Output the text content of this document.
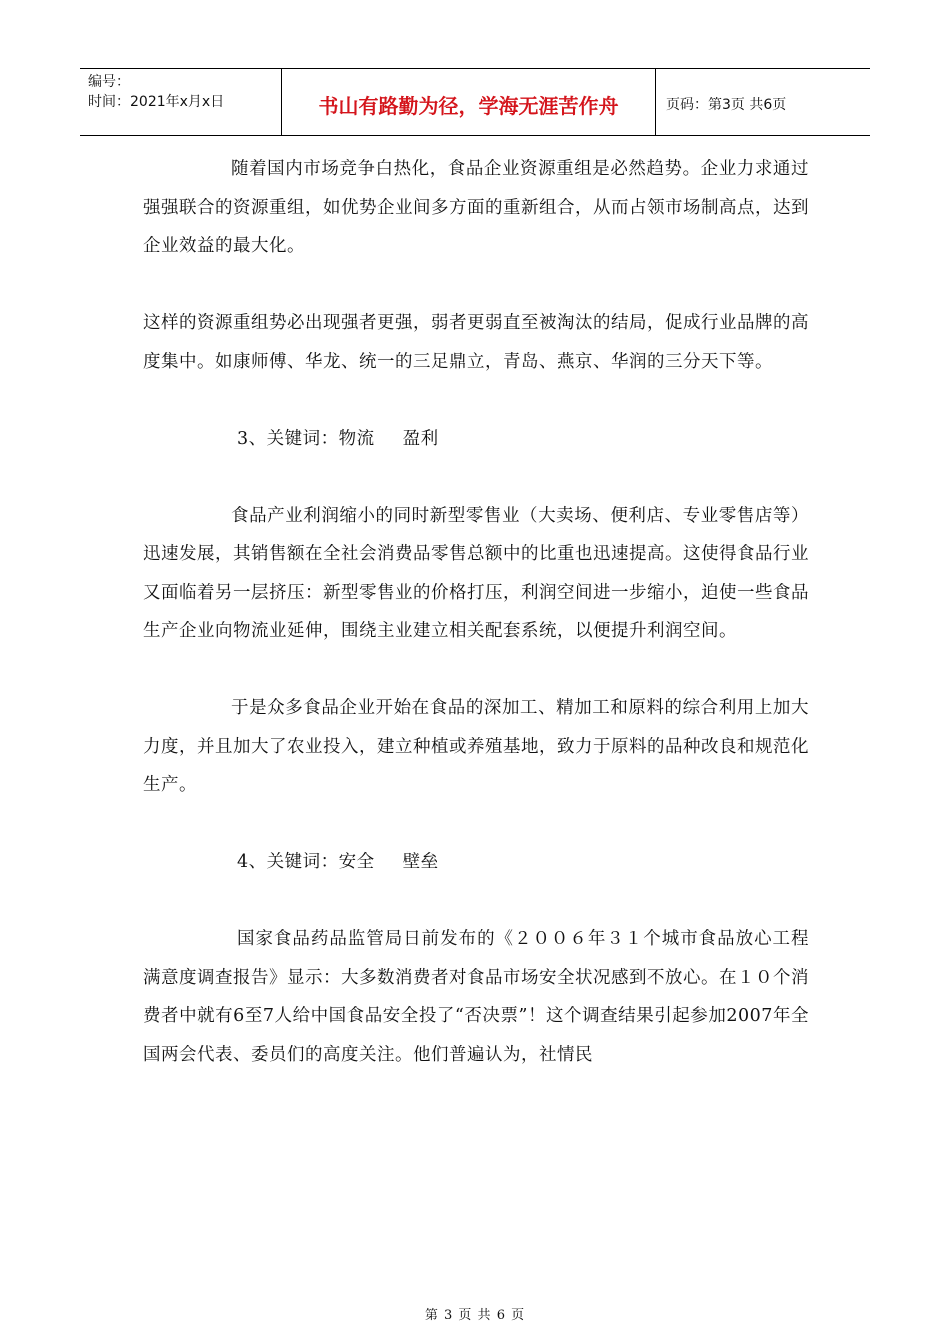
编号：
时间：2021年x月x日	书山有路勤为径，学海无涯苦作舟	页码：第3页 共6页

随着国内市场竞争白热化，食品企业资源重组是必然趋势。企业力求通过强强联合的资源重组，如优势企业间多方面的重新组合，从而占领市场制高点，达到企业效益的最大化。

这样的资源重组势必出现强者更强，弱者更弱直至被淘汰的结局，促成行业品牌的高度集中。如康师傅、华龙、统一的三足鼎立，青岛、燕京、华润的三分天下等。

3、关键词：物流 盈利

食品产业利润缩小的同时新型零售业（大卖场、便利店、专业零售店等）迅速发展，其销售额在全社会消费品零售总额中的比重也迅速提高。这使得食品行业又面临着另一层挤压：新型零售业的价格打压，利润空间进一步缩小，迫使一些食品生产企业向物流业延伸，围绕主业建立相关配套系统，以便提升利润空间。

于是众多食品企业开始在食品的深加工、精加工和原料的综合利用上加大力度，并且加大了农业投入，建立种植或养殖基地，致力于原料的品种改良和规范化生产。

4、关键词：安全 壁垒

国家食品药品监管局日前发布的《２００６年３１个城市食品放心工程满意度调查报告》显示：大多数消费者对食品市场安全状况感到不放心。在１０个消费者中就有6至7人给中国食品安全投了“否决票”！这个调查结果引起参加2007年全国两会代表、委员们的高度关注。他们普遍认为，社情民

第 3 页 共 6 页
